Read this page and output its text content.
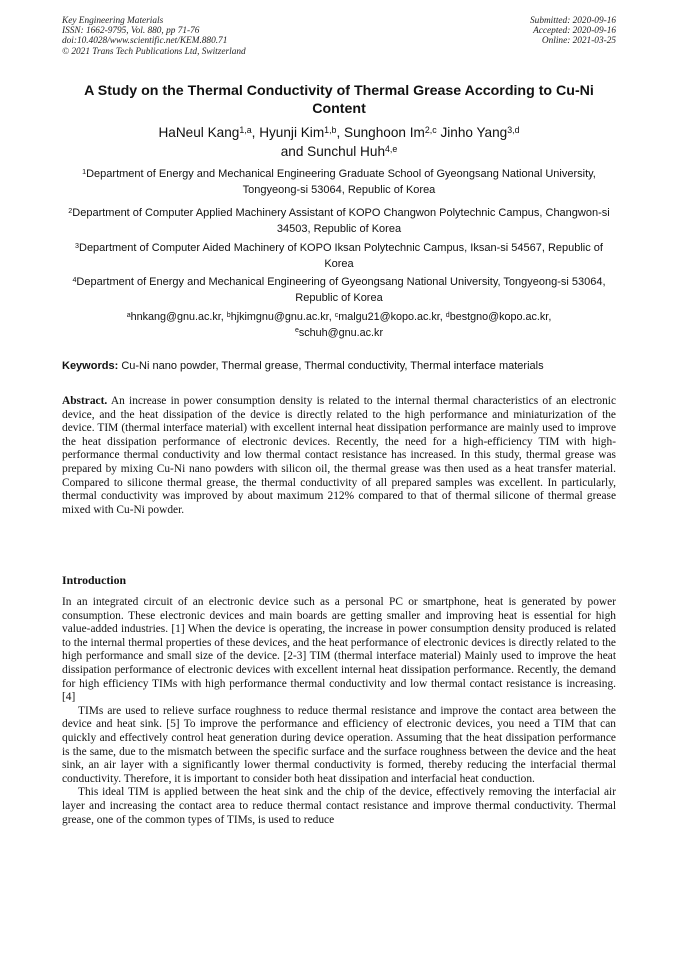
Key Engineering Materials
ISSN: 1662-9795, Vol. 880, pp 71-76
doi:10.4028/www.scientific.net/KEM.880.71
© 2021 Trans Tech Publications Ltd, Switzerland
Submitted: 2020-09-16
Accepted: 2020-09-16
Online: 2021-03-25
A Study on the Thermal Conductivity of Thermal Grease According to Cu-Ni Content
HaNeul Kang$^{1,a}$, Hyunji Kim$^{1,b}$, Sunghoon Im$^{2,c}$ Jinho Yang$^{3,d}$
and Sunchul Huh$^{4,e}$
$^1$Department of Energy and Mechanical Engineering Graduate School of Gyeongsang National University, Tongyeong-si 53064, Republic of Korea
$^2$Department of Computer Applied Machinery Assistant of KOPO Changwon Polytechnic Campus, Changwon-si 34503, Republic of Korea
$^3$Department of Computer Aided Machinery of KOPO Iksan Polytechnic Campus, Iksan-si 54567, Republic of Korea
$^4$Department of Energy and Mechanical Engineering of Gyeongsang National University, Tongyeong-si 53064, Republic of Korea
$^a$hnkang@gnu.ac.kr, $^b$hjkimgnu@gnu.ac.kr, $^c$malgu21@kopo.ac.kr, $^d$bestgno@kopo.ac.kr,
$^e$schuh@gnu.ac.kr
Keywords: Cu-Ni nano powder, Thermal grease, Thermal conductivity, Thermal interface materials
Abstract. An increase in power consumption density is related to the internal thermal characteristics of an electronic device, and the heat dissipation of the device is directly related to the high performance and miniaturization of the device. TIM (thermal interface material) with excellent internal heat dissipation performance are mainly used to improve the heat dissipation performance of electronic devices. Recently, the need for a high-efficiency TIM with high-performance thermal conductivity and low thermal contact resistance has increased. In this study, thermal grease was prepared by mixing Cu-Ni nano powders with silicon oil, the thermal grease was then used as a heat transfer material. Compared to silicone thermal grease, the thermal conductivity of all prepared samples was excellent. In particularly, thermal conductivity was improved by about maximum 212% compared to that of thermal silicone of thermal grease mixed with Cu-Ni powder.
Introduction

In an integrated circuit of an electronic device such as a personal PC or smartphone, heat is generated by power consumption. These electronic devices and main boards are getting smaller and improving heat is essential for high value-added industries. [1] When the device is operating, the increase in power consumption density produced is related to the internal thermal properties of these devices, and the heat performance of electronic devices is directly related to the high performance and small size of the device. [2-3] TIM (thermal interface material) Mainly used to improve the heat dissipation performance of electronic devices with excellent internal heat dissipation performance. Recently, the demand for high efficiency TIMs with high performance thermal conductivity and low thermal contact resistance is increasing. [4]

TIMs are used to relieve surface roughness to reduce thermal resistance and improve the contact area between the device and heat sink. [5] To improve the performance and efficiency of electronic devices, you need a TIM that can quickly and effectively control heat generation during device operation. Assuming that the heat dissipation performance is the same, due to the mismatch between the specific surface and the surface roughness between the device and the heat sink, an air layer with a significantly lower thermal conductivity is formed, thereby reducing the interfacial thermal conductivity. Therefore, it is important to consider both heat dissipation and interfacial heat conduction.

This ideal TIM is applied between the heat sink and the chip of the device, effectively removing the interfacial air layer and increasing the contact area to reduce thermal contact resistance and improve thermal conductivity. Thermal grease, one of the common types of TIMs, is used to reduce
